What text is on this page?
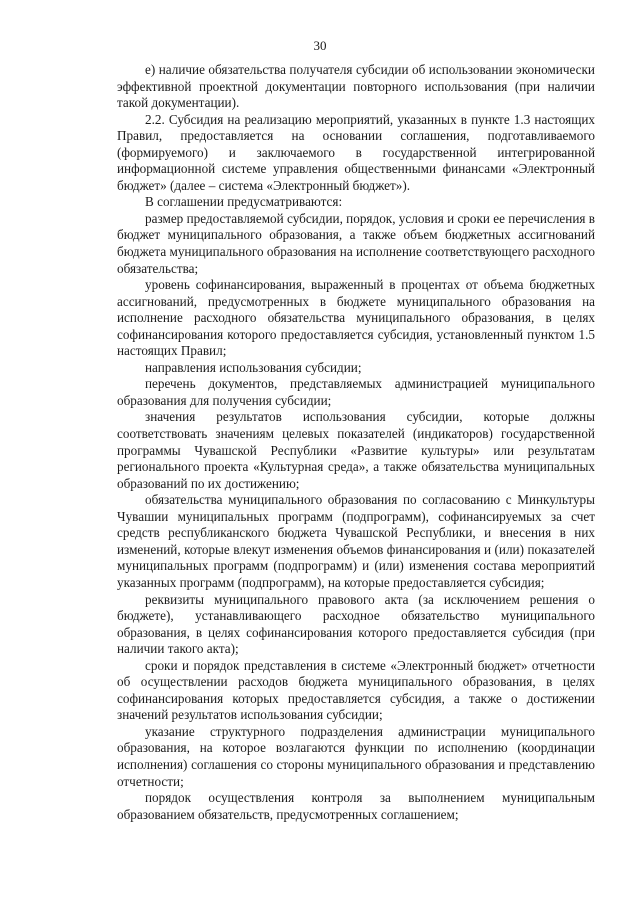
30

е) наличие обязательства получателя субсидии об использовании экономически эффективной проектной документации повторного использования (при наличии такой документации).

2.2. Субсидия на реализацию мероприятий, указанных в пункте 1.3 настоящих Правил, предоставляется на основании соглашения, подготавливаемого (формируемого) и заключаемого в государственной интегрированной информационной системе управления общественными финансами «Электронный бюджет» (далее – система «Электронный бюджет»).

В соглашении предусматриваются:

размер предоставляемой субсидии, порядок, условия и сроки ее перечисления в бюджет муниципального образования, а также объем бюджетных ассигнований бюджета муниципального образования на исполнение соответствующего расходного обязательства;

уровень софинансирования, выраженный в процентах от объема бюджетных ассигнований, предусмотренных в бюджете муниципального образования на исполнение расходного обязательства муниципального образования, в целях софинансирования которого предоставляется субсидия, установленный пунктом 1.5 настоящих Правил;

направления использования субсидии;

перечень документов, представляемых администрацией муниципального образования для получения субсидии;

значения результатов использования субсидии, которые должны соответствовать значениям целевых показателей (индикаторов) государственной программы Чувашской Республики «Развитие культуры» или результатам регионального проекта «Культурная среда», а также обязательства муниципальных образований по их достижению;

обязательства муниципального образования по согласованию с Минкультуры Чувашии муниципальных программ (подпрограмм), софинансируемых за счет средств республиканского бюджета Чувашской Республики, и внесения в них изменений, которые влекут изменения объемов финансирования и (или) показателей муниципальных программ (подпрограмм) и (или) изменения состава мероприятий указанных программ (подпрограмм), на которые предоставляется субсидия;

реквизиты муниципального правового акта (за исключением решения о бюджете), устанавливающего расходное обязательство муниципального образования, в целях софинансирования которого предоставляется субсидия (при наличии такого акта);

сроки и порядок представления в системе «Электронный бюджет» отчетности об осуществлении расходов бюджета муниципального образования, в целях софинансирования которых предоставляется субсидия, а также о достижении значений результатов использования субсидии;

указание структурного подразделения администрации муниципального образования, на которое возлагаются функции по исполнению (координации исполнения) соглашения со стороны муниципального образования и представлению отчетности;

порядок осуществления контроля за выполнением муниципальным образованием обязательств, предусмотренных соглашением;
